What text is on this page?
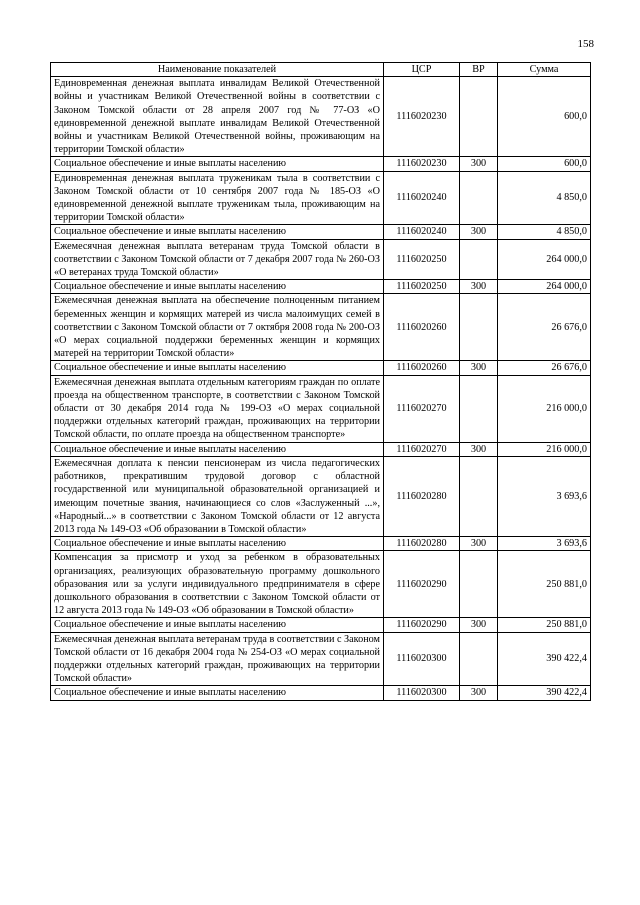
158
Наименование показателей	ЦСР	ВР	Сумма
Единовременная денежная выплата инвалидам Великой Отечественной войны и участникам Великой Отечественной войны в соответствии с Законом Томской области от 28 апреля 2007 год № 77-ОЗ «О единовременной денежной выплате инвалидам Великой Отечественной войны и участникам Великой Отечественной войны, проживающим на территории Томской области»	1116020230		600,0
Социальное обеспечение и иные выплаты населению	1116020230	300	600,0
Единовременная денежная выплата труженикам тыла в соответствии с Законом Томской области от 10 сентября 2007 года № 185-ОЗ «О единовременной денежной выплате труженикам тыла, проживающим на территории Томской области»	1116020240		4 850,0
Социальное обеспечение и иные выплаты населению	1116020240	300	4 850,0
Ежемесячная денежная выплата ветеранам труда Томской области в соответствии с Законом Томской области от 7 декабря 2007 года № 260-ОЗ «О ветеранах труда Томской области»	1116020250		264 000,0
Социальное обеспечение и иные выплаты населению	1116020250	300	264 000,0
Ежемесячная денежная выплата на обеспечение полноценным питанием беременных женщин и кормящих матерей из числа малоимущих семей в соответствии с Законом Томской области от 7 октября 2008 года № 200-ОЗ «О мерах социальной поддержки беременных женщин и кормящих матерей на территории Томской области»	1116020260		26 676,0
Социальное обеспечение и иные выплаты населению	1116020260	300	26 676,0
Ежемесячная денежная выплата отдельным категориям граждан по оплате проезда на общественном транспорте, в соответствии с Законом Томской области от 30 декабря 2014 года № 199-ОЗ «О мерах социальной поддержки отдельных категорий граждан, проживающих на территории Томской области, по оплате проезда на общественном транспорте»	1116020270		216 000,0
Социальное обеспечение и иные выплаты населению	1116020270	300	216 000,0
Ежемесячная доплата к пенсии пенсионерам из числа педагогических работников, прекратившим трудовой договор с областной государственной или муниципальной образовательной организацией и имеющим почетные звания, начинающиеся со слов «Заслуженный ...», «Народный...» в соответствии с Законом Томской области от 12 августа 2013 года № 149-ОЗ «Об образовании в Томской области»	1116020280		3 693,6
Социальное обеспечение и иные выплаты населению	1116020280	300	3 693,6
Компенсация за присмотр и уход за ребенком в образовательных организациях, реализующих образовательную программу дошкольного образования или за услуги индивидуального предпринимателя в сфере дошкольного образования в соответствии с Законом Томской области от 12 августа 2013 года № 149-ОЗ «Об образовании в Томской области»	1116020290		250 881,0
Социальное обеспечение и иные выплаты населению	1116020290	300	250 881,0
Ежемесячная денежная выплата ветеранам труда в соответствии с Законом Томской области от 16 декабря 2004 года № 254-ОЗ «О мерах социальной поддержки отдельных категорий граждан, проживающих на территории Томской области»	1116020300		390 422,4
Социальное обеспечение и иные выплаты населению	1116020300	300	390 422,4
